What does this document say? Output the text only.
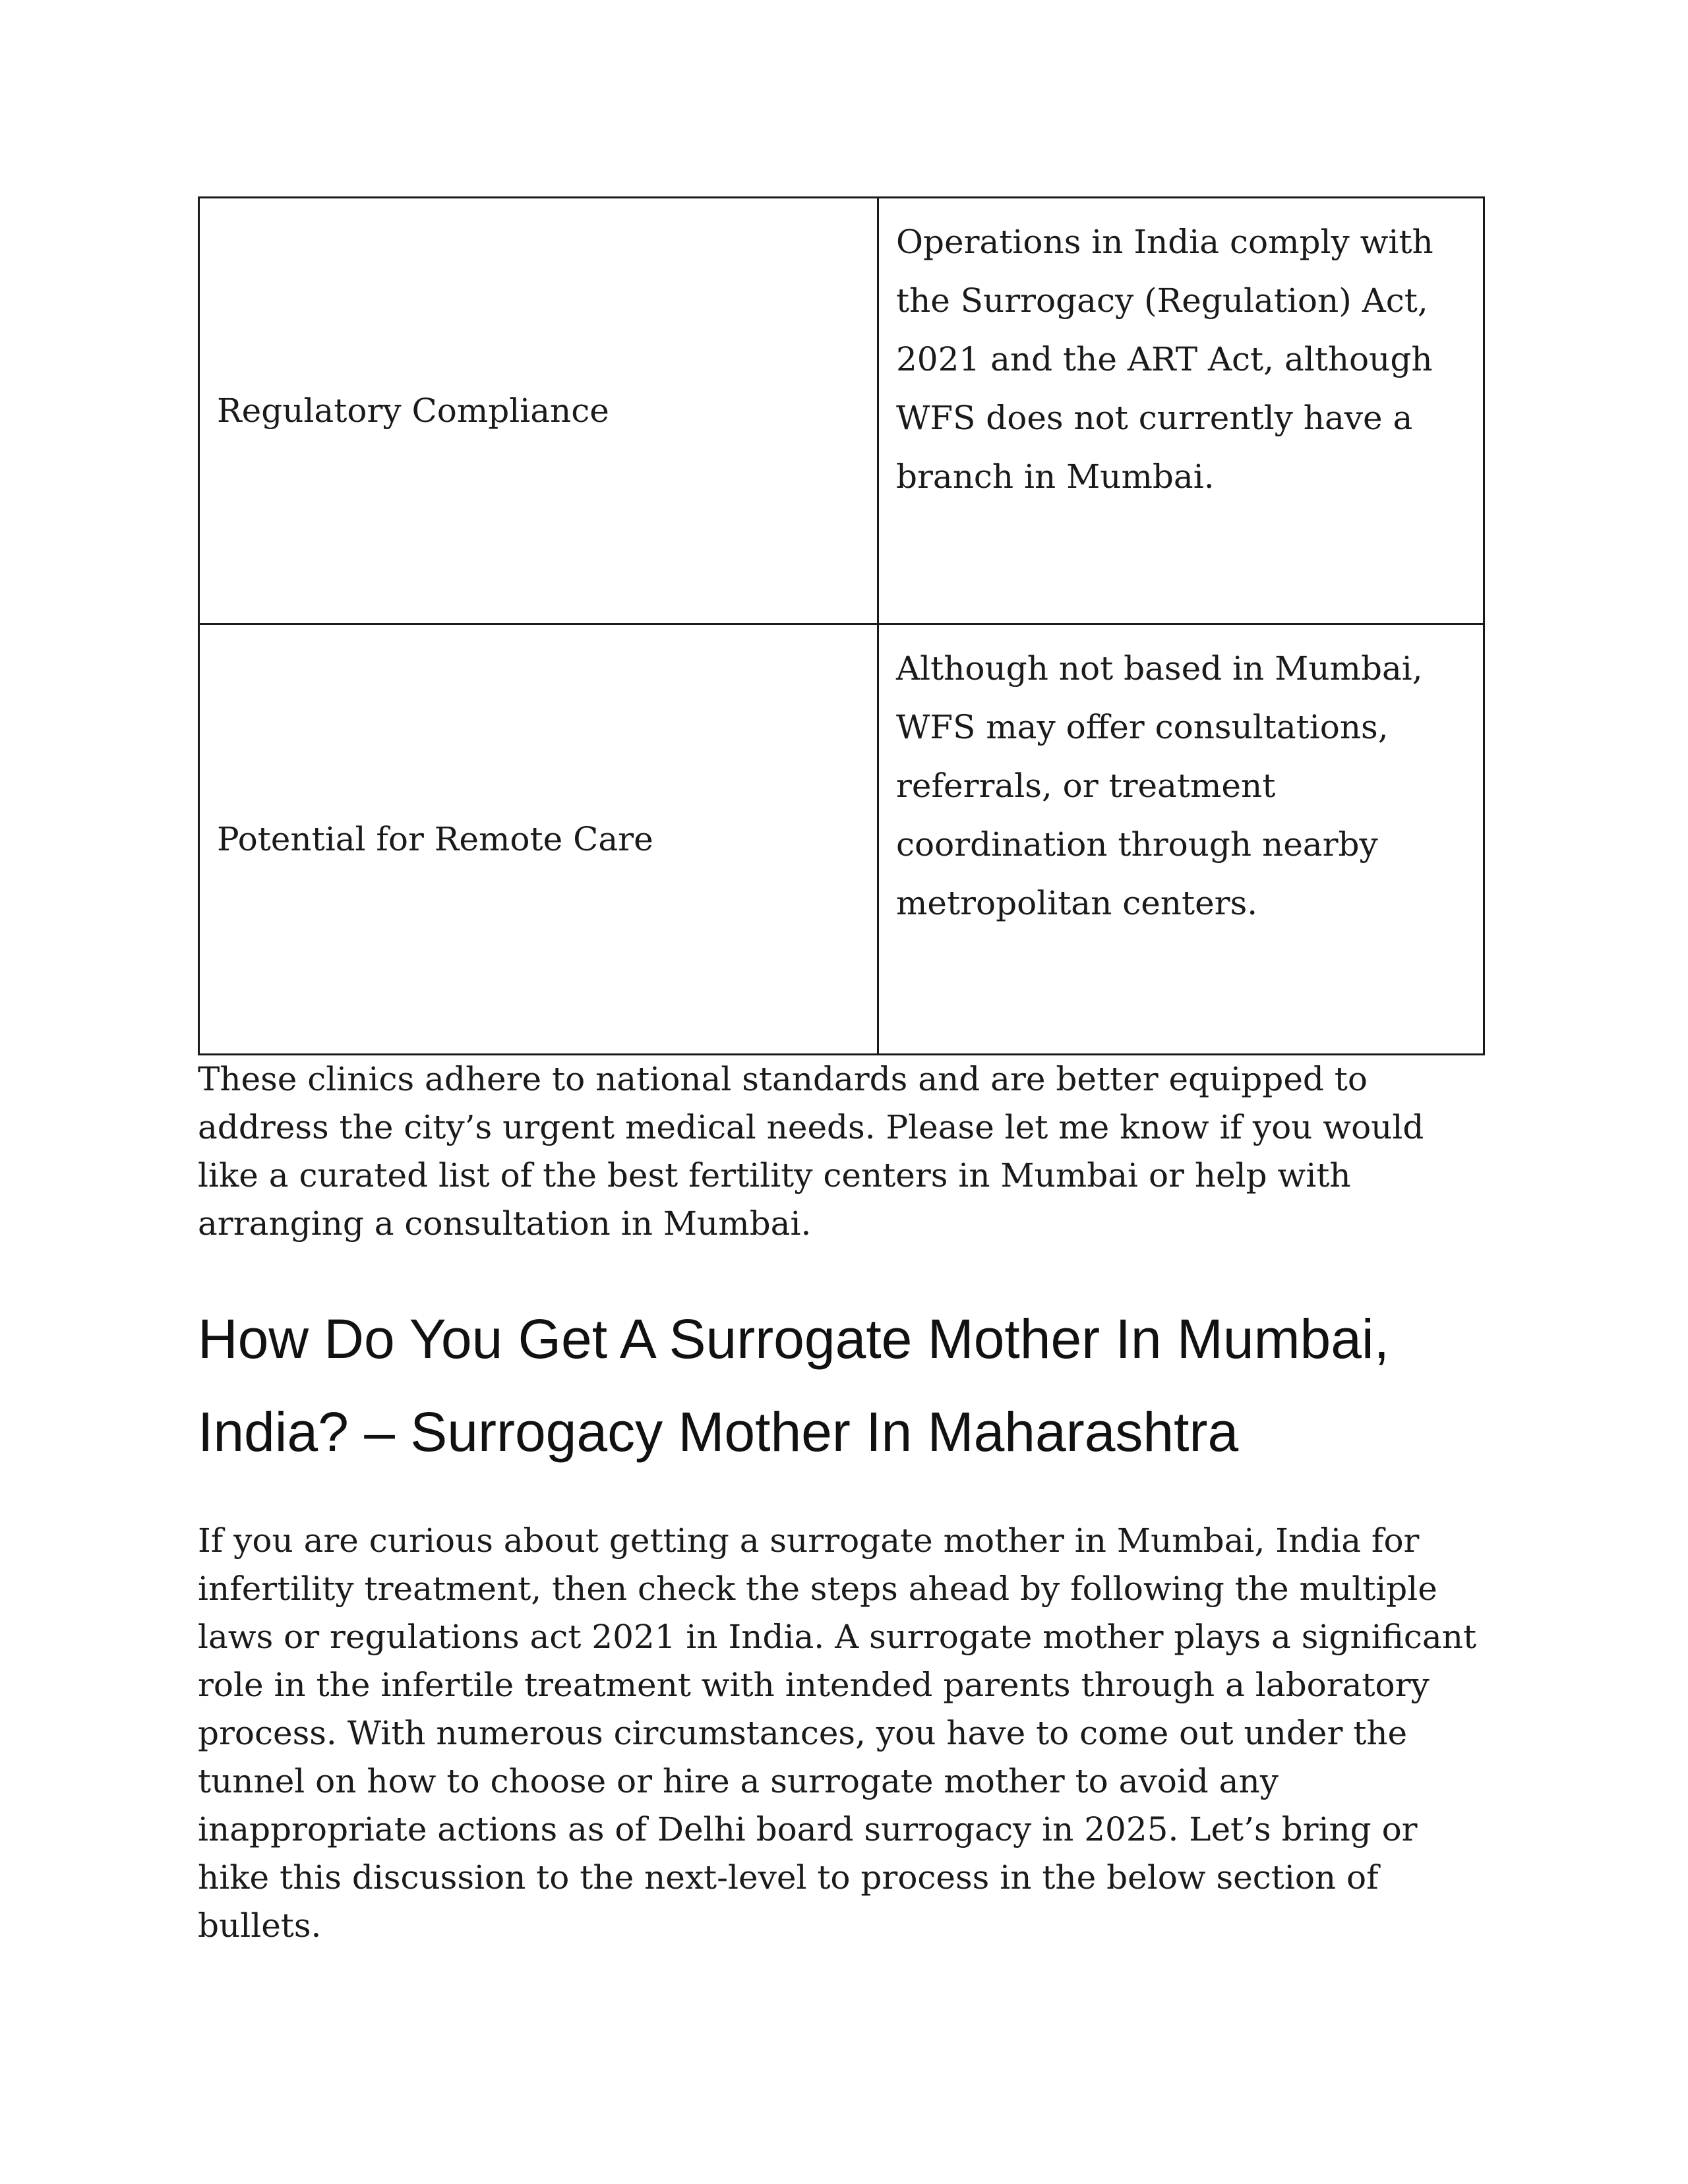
Regulatory Compliance	Operations in India comply with the Surrogacy (Regulation) Act, 2021 and the ART Act, although WFS does not currently have a branch in Mumbai.

Potential for Remote Care	Although not based in Mumbai, WFS may offer consultations, referrals, or treatment coordination through nearby metropolitan centers.

These clinics adhere to national standards and are better equipped to address the city’s urgent medical needs. Please let me know if you would like a curated list of the best fertility centers in Mumbai or help with arranging a consultation in Mumbai.

How Do You Get A Surrogate Mother In Mumbai, India? – Surrogacy Mother In Maharashtra

If you are curious about getting a surrogate mother in Mumbai, India for infertility treatment, then check the steps ahead by following the multiple laws or regulations act 2021 in India. A surrogate mother plays a significant role in the infertile treatment with intended parents through a laboratory process. With numerous circumstances, you have to come out under the tunnel on how to choose or hire a surrogate mother to avoid any inappropriate actions as of Delhi board surrogacy in 2025. Let’s bring or hike this discussion to the next-level to process in the below section of bullets.
